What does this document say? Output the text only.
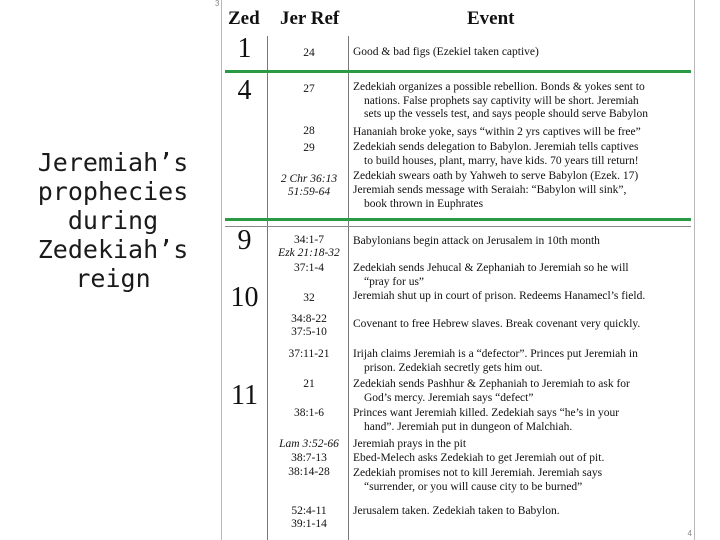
Jeremiah’s
prophecies
during
Zedekiah’s
reign
3
4
Zed Jer Ref	Event
1
4
9
10
11
24
27
28
29
2 Chr 36:13
51:59-64
34:1-7
Ezk 21:18-32
37:1-4
32
34:8-22
37:5-10
37:11-21
21
38:1-6
Lam 3:52-66
38:7-13
38:14-28
52:4-11
39:1-14
Good & bad figs (Ezekiel taken captive)
Zedekiah organizes a possible rebellion. Bonds & yokes sent to
nations. False prophets say captivity will be short. Jeremiah
sets up the vessels test, and says people should serve Babylon
Hananiah broke yoke, says “within 2 yrs captives will be free”
Zedekiah sends delegation to Babylon. Jeremiah tells captives
to build houses, plant, marry, have kids. 70 years till return!
Zedekiah swears oath by Yahweh to serve Babylon (Ezek. 17)
Jeremiah sends message with Seraiah: “Babylon will sink”,
book thrown in Euphrates
Babylonians begin attack on Jerusalem in 10th month
Zedekiah sends Jehucal & Zephaniah to Jeremiah so he will
“pray for us”
Jeremiah shut up in court of prison. Redeems Hanamecl’s field.
Covenant to free Hebrew slaves. Break covenant very quickly.
Irijah claims Jeremiah is a “defector”. Princes put Jeremiah in
prison. Zedekiah secretly gets him out.
Zedekiah sends Pashhur & Zephaniah to Jeremiah to ask for
God’s mercy. Jeremiah says “defect”
Princes want Jeremiah killed. Zedekiah says “he’s in your
hand”. Jeremiah put in dungeon of Malchiah.
Jeremiah prays in the pit
Ebed-Melech asks Zedekiah to get Jeremiah out of pit.
Zedekiah promises not to kill Jeremiah. Jeremiah says
“surrender, or you will cause city to be burned”
Jerusalem taken. Zedekiah taken to Babylon.
